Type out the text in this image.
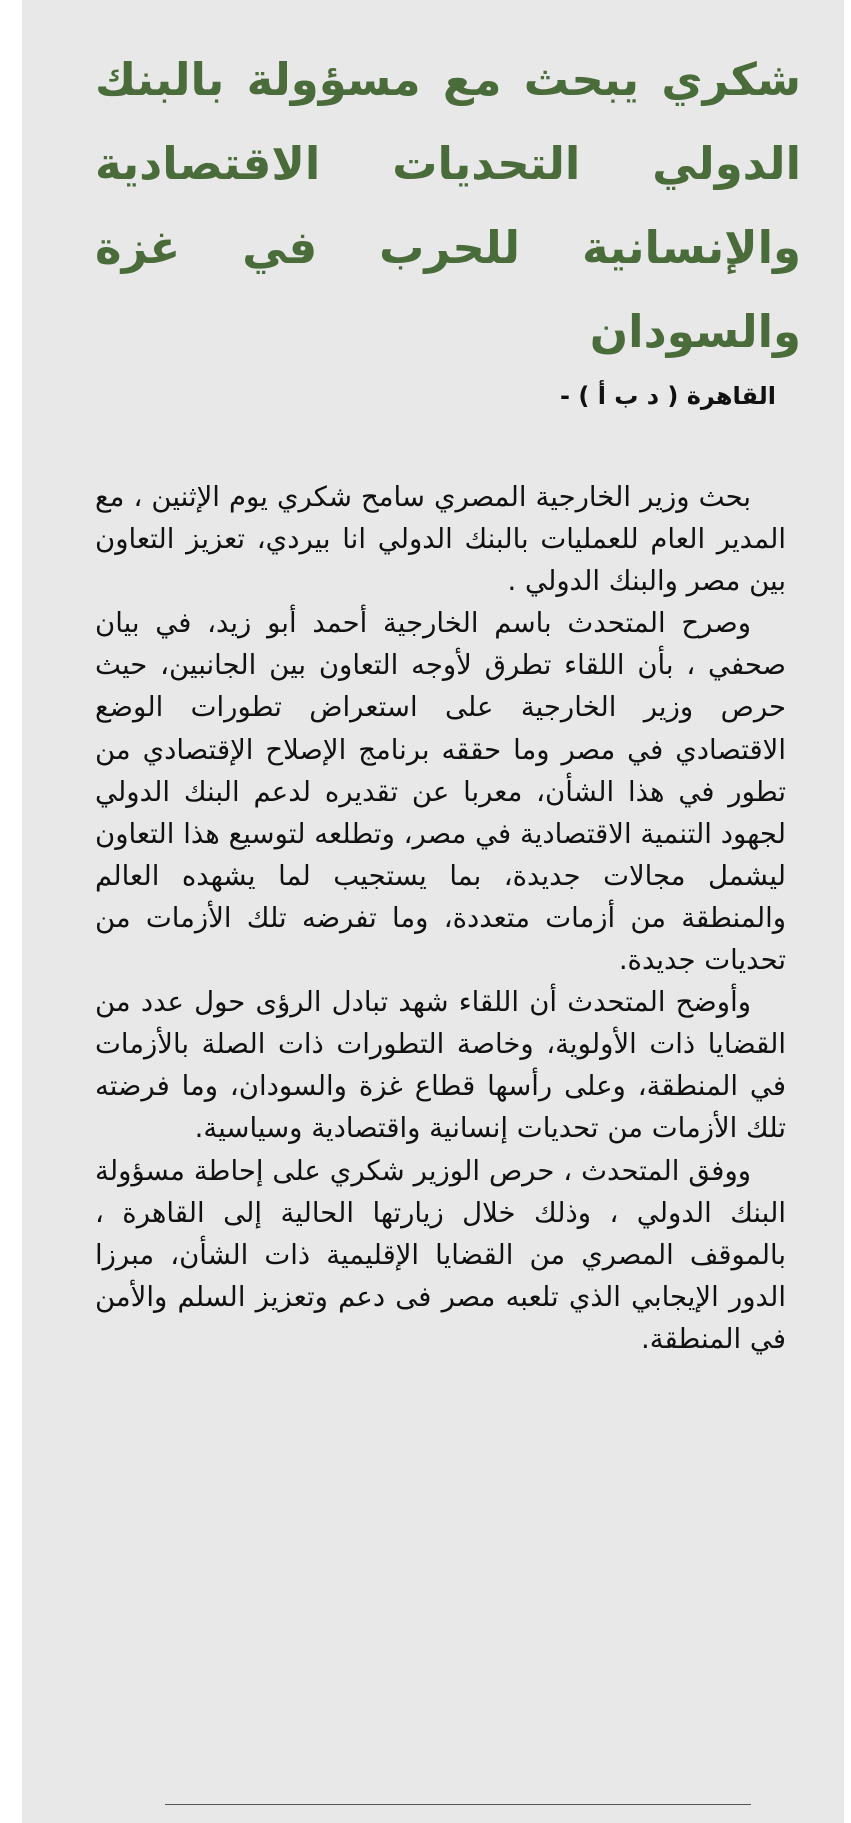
شكري يبحث مع مسؤولة بالبنك
الدولي التحديات الاقتصادية
والإنسانية للحرب في غزة والسودان

القاهرة ( د ب أ ) -

بحث وزير الخارجية المصري سامح شكري يوم الإثنين ، مع المدير العام للعمليات بالبنك الدولي انا بيردي، تعزيز التعاون بين مصر والبنك الدولي .

وصرح المتحدث باسم الخارجية أحمد أبو زيد، في بيان صحفي ، بأن اللقاء تطرق لأوجه التعاون بين الجانبين، حيث حرص وزير الخارجية على استعراض تطورات الوضع الاقتصادي في مصر وما حققه برنامج الإصلاح الإقتصادي من تطور في هذا الشأن، معربا عن تقديره لدعم البنك الدولي لجهود التنمية الاقتصادية في مصر، وتطلعه لتوسيع هذا التعاون ليشمل مجالات جديدة، بما يستجيب لما يشهده العالم والمنطقة من أزمات متعددة، وما تفرضه تلك الأزمات من تحديات جديدة.

وأوضح المتحدث أن اللقاء شهد تبادل الرؤى حول عدد من القضايا ذات الأولوية، وخاصة التطورات ذات الصلة بالأزمات في المنطقة، وعلى رأسها قطاع غزة والسودان، وما فرضته تلك الأزمات من تحديات إنسانية واقتصادية وسياسية.

ووفق المتحدث ، حرص الوزير شكري على إحاطة مسؤولة البنك الدولي ، وذلك خلال زيارتها الحالية إلى القاهرة ، بالموقف المصري من القضايا الإقليمية ذات الشأن، مبرزا الدور الإيجابي الذي تلعبه مصر فى دعم وتعزيز السلم والأمن في المنطقة.
